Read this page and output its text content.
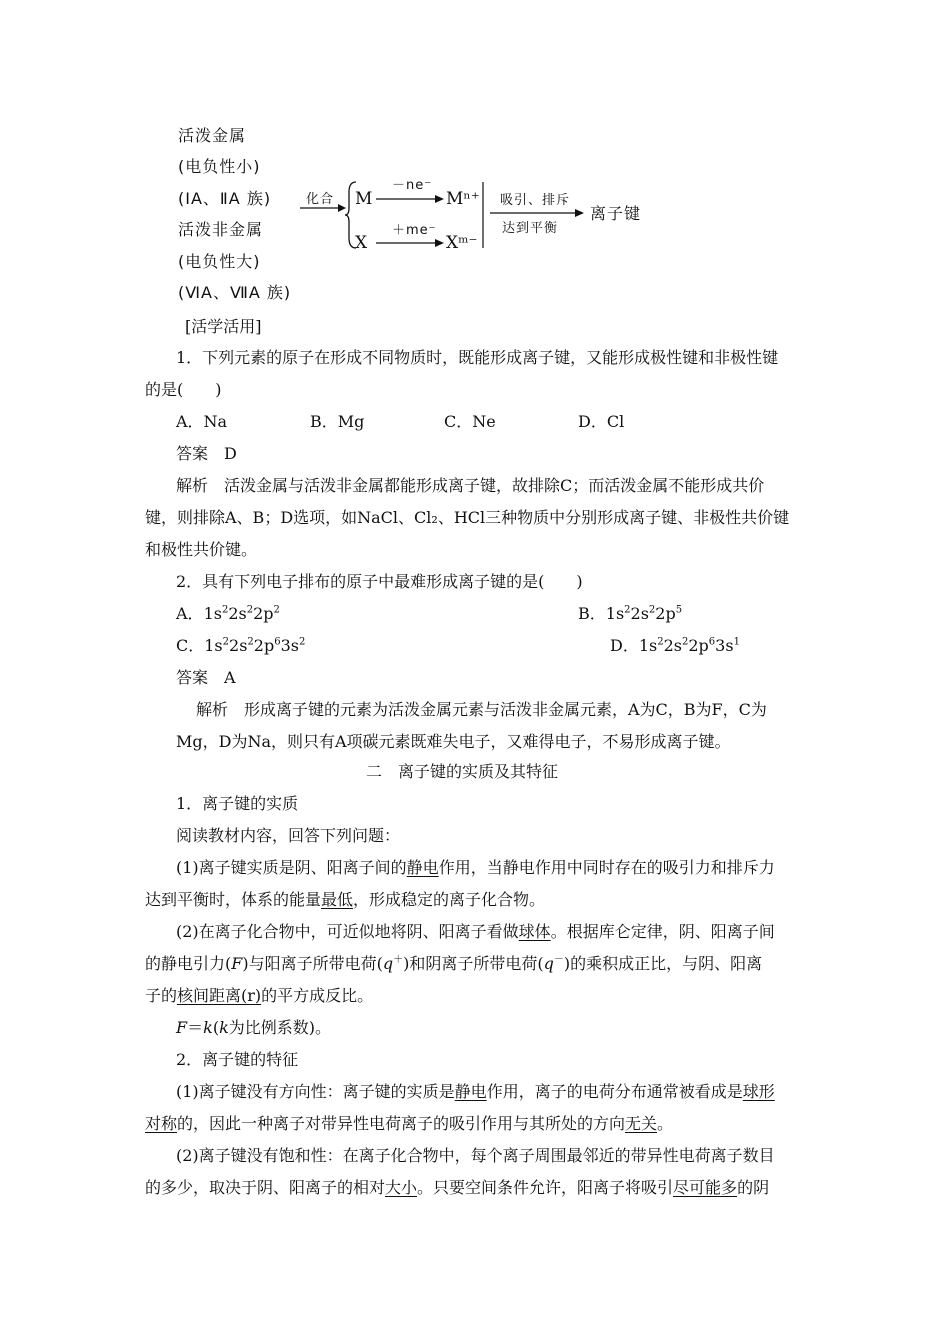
活泼金属
(电负性小)
(ⅠA、ⅡA 族)
活泼非金属
(电负性大)
(ⅥA、ⅦA 族)
化合 M
－ne⁻
Mⁿ⁺
X
＋me⁻
Xᵐ⁻
吸引、排斥
达到平衡
离子键
[活学活用]
1．下列元素的原子在形成不同物质时，既能形成离子键，又能形成极性键和非极性键
的是(　　)
A．Na	B．Mg	C．Ne	D．Cl
答案　D
解析　活泼金属与活泼非金属都能形成离子键，故排除C；而活泼金属不能形成共价
键，则排除A、B；D选项，如NaCl、Cl₂、HCl三种物质中分别形成离子键、非极性共价键
和极性共价键。
2．具有下列电子排布的原子中最难形成离子键的是(　　)
A．$1s^22s^22p^2$	B．$1s^22s^22p^5$
C．$1s^22s^22p^63s^2$	D．$1s^22s^22p^63s^1$
答案　A
解析　形成离子键的元素为活泼金属元素与活泼非金属元素，A为C，B为F，C为
Mg，D为Na，则只有A项碳元素既难失电子，又难得电子，不易形成离子键。
二　离子键的实质及其特征
1．离子键的实质
阅读教材内容，回答下列问题：
(1)离子键实质是阴、阳离子间的静电作用，当静电作用中同时存在的吸引力和排斥力
达到平衡时，体系的能量最低，形成稳定的离子化合物。
(2)在离子化合物中，可近似地将阴、阳离子看做球体。根据库仑定律，阴、阳离子间
的静电引力(F)与阳离子所带电荷(q＋)和阴离子所带电荷(q－)的乘积成正比，与阴、阳离
子的核间距离(r)的平方成反比。
F＝k(k为比例系数)。
2．离子键的特征
(1)离子键没有方向性：离子键的实质是静电作用，离子的电荷分布通常被看成是球形
对称的，因此一种离子对带异性电荷离子的吸引作用与其所处的方向无关。
(2)离子键没有饱和性：在离子化合物中，每个离子周围最邻近的带异性电荷离子数目
的多少，取决于阴、阳离子的相对大小。只要空间条件允许，阳离子将吸引尽可能多的阴
